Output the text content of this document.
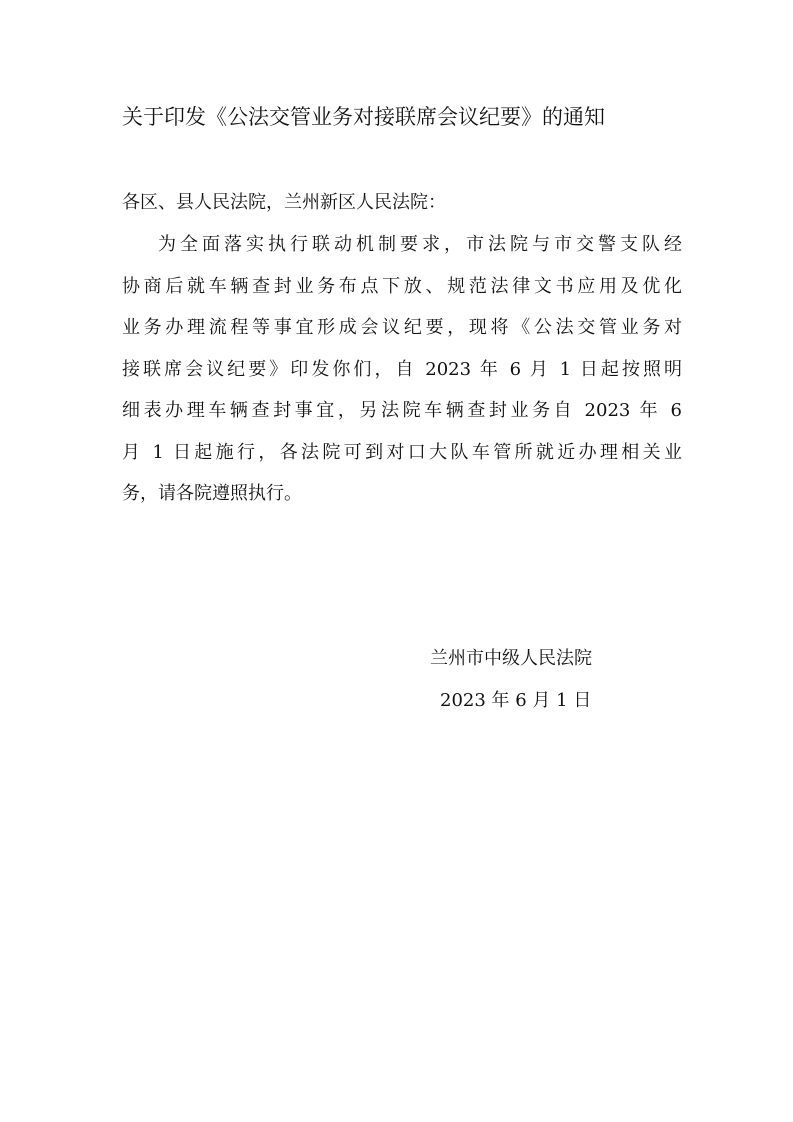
关于印发《公法交管业务对接联席会议纪要》的通知
各区、县人民法院，兰州新区人民法院：
为全面落实执行联动机制要求，市法院与市交警支队经
协商后就车辆查封业务布点下放、规范法律文书应用及优化
业务办理流程等事宜形成会议纪要，现将《公法交管业务对
接联席会议纪要》印发你们，自 2023 年 6 月 1 日起按照明
细表办理车辆查封事宜，另法院车辆查封业务自 2023 年 6
月 1 日起施行，各法院可到对口大队车管所就近办理相关业
务，请各院遵照执行。
兰州市中级人民法院
2023 年 6 月 1 日
